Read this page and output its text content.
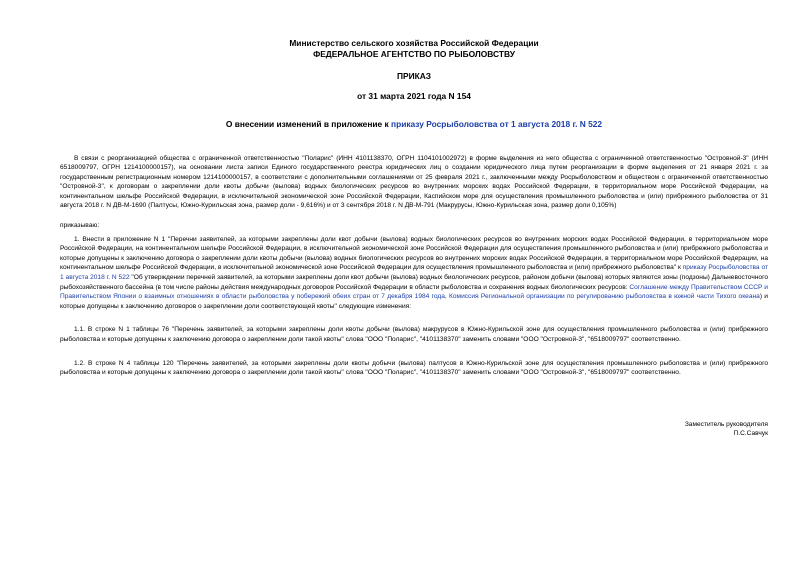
Министерство сельского хозяйства Российской Федерации
ФЕДЕРАЛЬНОЕ АГЕНТСТВО ПО РЫБОЛОВСТВУ
ПРИКАЗ
от 31 марта 2021 года N 154
О внесении изменений в приложение к приказу Росрыболовства от 1 августа 2018 г. N 522

В связи с реорганизацией общества с ограниченной ответственностью "Поларис" (ИНН 4101138370, ОГРН 1104101002972) в форме выделения из него общества с ограниченной ответственностью "Островной-3" (ИНН 6518009797, ОГРН 1214100000157), на основании листа записи Единого государственного реестра юридических лиц о создании юридического лица путем реорганизации в форме выделения от 21 января 2021 г. за государственным регистрационным номером 1214100000157, в соответствии с дополнительными соглашениями от 25 февраля 2021 г., заключенными между Росрыболовством и обществом с ограниченной ответственностью "Островной-3", к договорам о закреплении доли квоты добычи (вылова) водных биологических ресурсов во внутренних морских водах Российской Федерации, в территориальном море Российской Федерации, на континентальном шельфе Российской Федерации, в исключительной экономической зоне Российской Федерации, Каспийском море для осуществления промышленного рыболовства и (или) прибрежного рыболовства от 31 августа 2018 г. N ДВ-М-1690 (Палтусы, Южно-Курильская зона, размер доли - 9,616%) и от 3 сентября 2018 г. N ДВ-М-791 (Макрурусы, Южно-Курильская зона, размер доли 0,105%)

приказываю:

1. Внести в приложение N 1 "Перечни заявителей, за которыми закреплены доли квот добычи (вылова) водных биологических ресурсов во внутренних морских водах Российской Федерации, в территориальном море Российской Федерации, на континентальном шельфе Российской Федерации, в исключительной экономической зоне Российской Федерации для осуществления промышленного рыболовства и (или) прибрежного рыболовства и которые допущены к заключению договора о закреплении доли квоты добычи (вылова) водных биологических ресурсов во внутренних морских водах Российской Федерации, в территориальном море Российской Федерации, на континентальном шельфе Российской Федерации, в исключительной экономической зоне Российской Федерации для осуществления промышленного рыболовства и (или) прибрежного рыболовства" к приказу Росрыболовства от 1 августа 2018 г. N 522 "Об утверждении перечней заявителей, за которыми закреплены доли квот добычи (вылова) водных биологических ресурсов, районом добычи (вылова) которых являются зоны (подзоны) Дальневосточного рыбохозяйственного бассейна (в том числе районы действия международных договоров Российской Федерации в области рыболовства и сохранения водных биологических ресурсов: Соглашение между Правительством СССР и Правительством Японии о взаимных отношениях в области рыболовства у побережий обеих стран от 7 декабря 1984 года, Комиссия Региональной организации по регулированию рыболовства в южной части Тихого океана) и которые допущены к заключению договоров о закреплении доли соответствующей квоты" следующие изменения:

1.1. В строке N 1 таблицы 76 "Перечень заявителей, за которыми закреплены доли квоты добычи (вылова) макрурусов в Южно-Курильской зоне для осуществления промышленного рыболовства и (или) прибрежного рыболовства и которые допущены к заключению договора о закреплении доли такой квоты" слова "ООО "Поларис", "4101138370" заменить словами "ООО "Островной-3", "6518009797" соответственно.

1.2. В строке N 4 таблицы 120 "Перечень заявителей, за которыми закреплены доли квоты добычи (вылова) палтусов в Южно-Курильской зоне для осуществления промышленного рыболовства и (или) прибрежного рыболовства и которые допущены к заключению договора о закреплении доли такой квоты" слова "ООО "Поларис", "4101138370" заменить словами "ООО "Островной-3", "6518009797" соответственно.

Заместитель руководителя
П.С.Савчук
